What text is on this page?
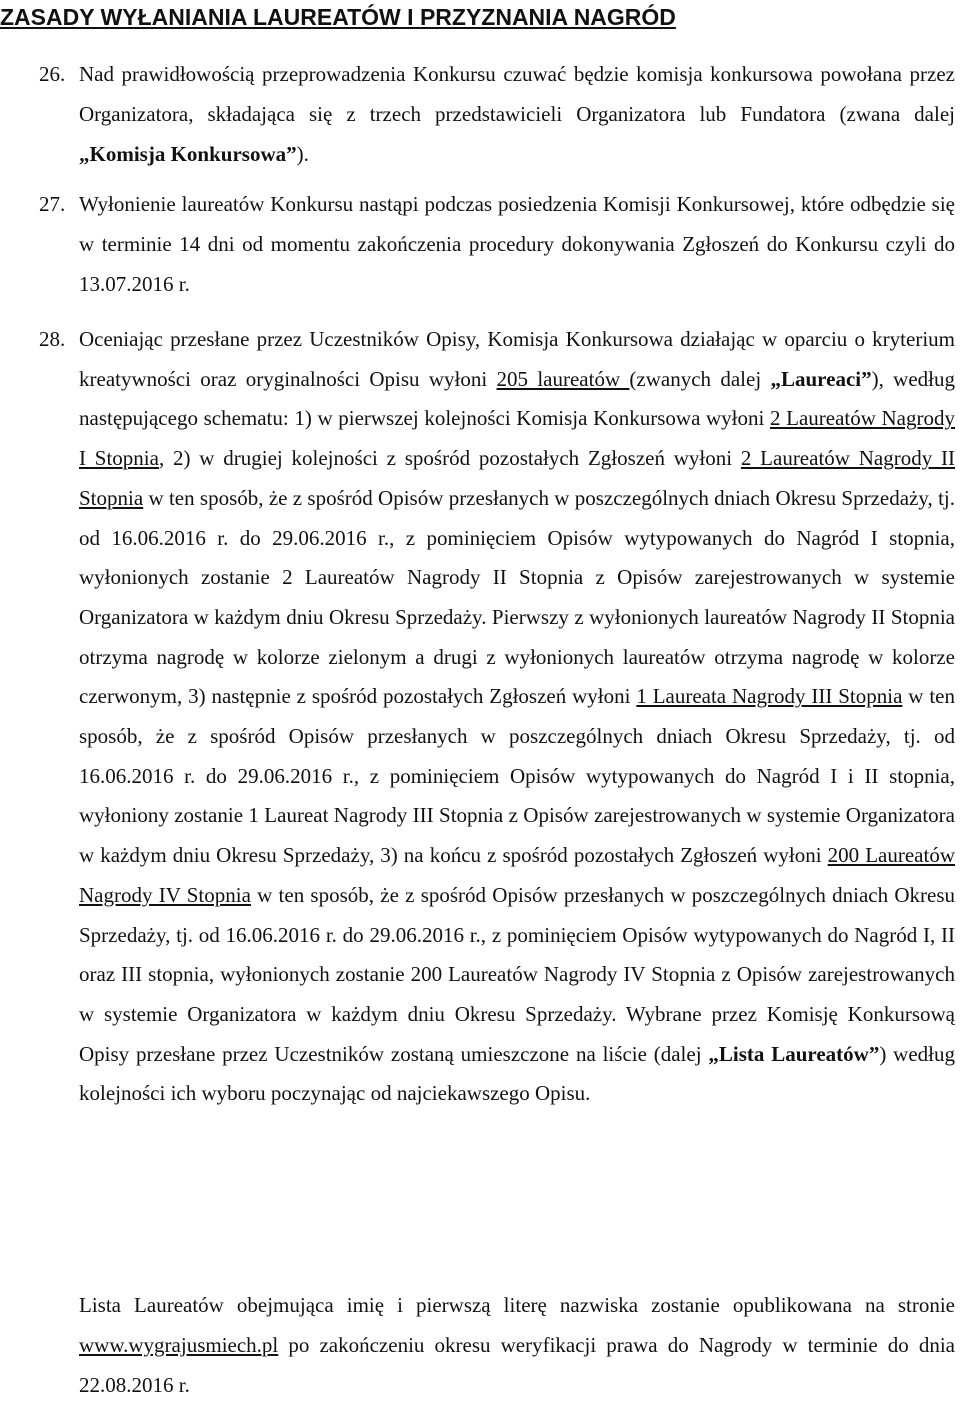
ZASADY WYŁANIANIA LAUREATÓW I PRZYZNANIA NAGRÓD
26. Nad prawidłowością przeprowadzenia Konkursu czuwać będzie komisja konkursowa powołana przez Organizatora, składająca się z trzech przedstawicieli Organizatora lub Fundatora (zwana dalej „Komisja Konkursowa”).
27. Wyłonienie laureatów Konkursu nastąpi podczas posiedzenia Komisji Konkursowej, które odbędzie się w terminie 14 dni od momentu zakończenia procedury dokonywania Zgłoszeń do Konkursu czyli do 13.07.2016 r.
28. Oceniając przesłane przez Uczestników Opisy, Komisja Konkursowa działając w oparciu o kryterium kreatywności oraz oryginalności Opisu wyłoni 205 laureatów (zwanych dalej „Laureaci”), według następującego schematu: 1) w pierwszej kolejności Komisja Konkursowa wyłoni 2 Laureatów Nagrody I Stopnia, 2) w drugiej kolejności z spośród pozostałych Zgłoszeń wyłoni 2 Laureatów Nagrody II Stopnia w ten sposób, że z spośród Opisów przesłanych w poszczególnych dniach Okresu Sprzedaży, tj. od 16.06.2016 r. do 29.06.2016 r., z pominięciem Opisów wytypowanych do Nagród I stopnia, wyłonionych zostanie 2 Laureatów Nagrody II Stopnia z Opisów zarejestrowanych w systemie Organizatora w każdym dniu Okresu Sprzedaży. Pierwszy z wyłonionych laureatów Nagrody II Stopnia otrzyma nagrodę w kolorze zielonym a drugi z wyłonionych laureatów otrzyma nagrodę w kolorze czerwonym, 3) następnie z spośród pozostałych Zgłoszeń wyłoni 1 Laureata Nagrody III Stopnia w ten sposób, że z spośród Opisów przesłanych w poszczególnych dniach Okresu Sprzedaży, tj. od 16.06.2016 r. do 29.06.2016 r., z pominięciem Opisów wytypowanych do Nagród I i II stopnia, wyłoniony zostanie 1 Laureat Nagrody III Stopnia z Opisów zarejestrowanych w systemie Organizatora w każdym dniu Okresu Sprzedaży, 3) na końcu z spośród pozostałych Zgłoszeń wyłoni 200 Laureatów Nagrody IV Stopnia w ten sposób, że z spośród Opisów przesłanych w poszczególnych dniach Okresu Sprzedaży, tj. od 16.06.2016 r. do 29.06.2016 r., z pominięciem Opisów wytypowanych do Nagród I, II oraz III stopnia, wyłonionych zostanie 200 Laureatów Nagrody IV Stopnia z Opisów zarejestrowanych w systemie Organizatora w każdym dniu Okresu Sprzedaży. Wybrane przez Komisję Konkursową Opisy przesłane przez Uczestników zostaną umieszczone na liście (dalej „Lista Laureatów”) według kolejności ich wyboru poczynając od najciekawszego Opisu.
Lista Laureatów obejmująca imię i pierwszą literę nazwiska zostanie opublikowana na stronie www.wygrajusmiech.pl po zakończeniu okresu weryfikacji prawa do Nagrody w terminie do dnia 22.08.2016 r.
